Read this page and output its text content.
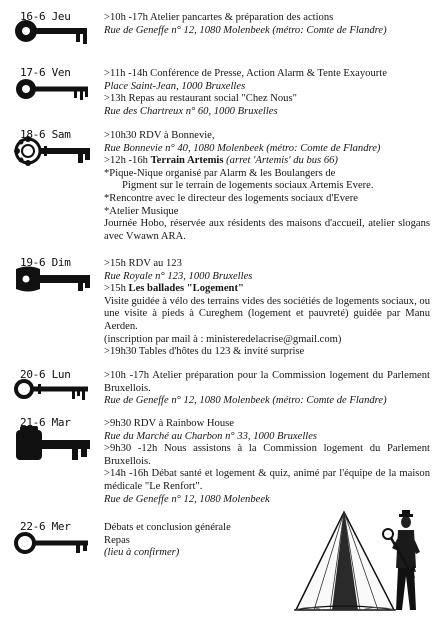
16-6 Jeu	>10h -17h Atelier pancartes & préparation des actions
Rue de Geneffe n° 12, 1080 Molenbeek (métro: Comte de Flandre)
17-6 Ven	>11h -14h Conférence de Presse, Action Alarm & Tente Exayourte
Place Saint-Jean, 1000 Bruxelles
>13h Repas au restaurant social "Chez Nous"
Rue des Chartreux n° 60, 1000 Bruxelles
18-6 Sam	>10h30 RDV à Bonnevie,
Rue Bonnevie n° 40, 1080 Molenbeek (métro: Comte de Flandre)
>12h -16h Terrain Artemis (arret 'Artemis' du bus 66)
*Pique-Nique organisé par Alarm & les Boulangers de
Pigment sur le terrain de logements sociaux Artemis Evere.
*Rencontre avec le directeur des logements sociaux d'Evere
*Atelier Musique
Journée Hobo, réservée aux résidents des maisons d'accueil, atelier slogans avec Vwawn ARA.
19-6 Dim	>15h RDV au 123
Rue Royale n° 123, 1000 Bruxelles
>15h Les ballades "Logement"
Visite guidée à vélo des terrains vides des sociétiés de logements sociaux, ou une visite à pieds à Cureghem (logement et pauvreté) guidée par Manu Aerden.
(inscription par mail à : ministeredelacrise@gmail.com)
>19h30 Tables d'hôtes du 123 & invité surprise
20-6 Lun	>10h -17h Atelier préparation pour la Commission logement du Parlement Bruxellois.
Rue de Geneffe n° 12, 1080 Molenbeek (métro: Comte de Flandre)
21-6 Mar	>9h30 RDV à Rainbow House
Rue du Marché au Charbon n° 33, 1000 Bruxelles
>9h30 -12h Nous assistons à la Commission logement du Parlement Bruxellois.
>14h -16h Débat santé et logement & quiz, animé par l'équipe de la maison médicale "Le Renfort".
Rue de Geneffe n° 12, 1080 Molenbeek
22-6 Mer	Débats et conclusion générale
Repas
(lieu à confirmer)
